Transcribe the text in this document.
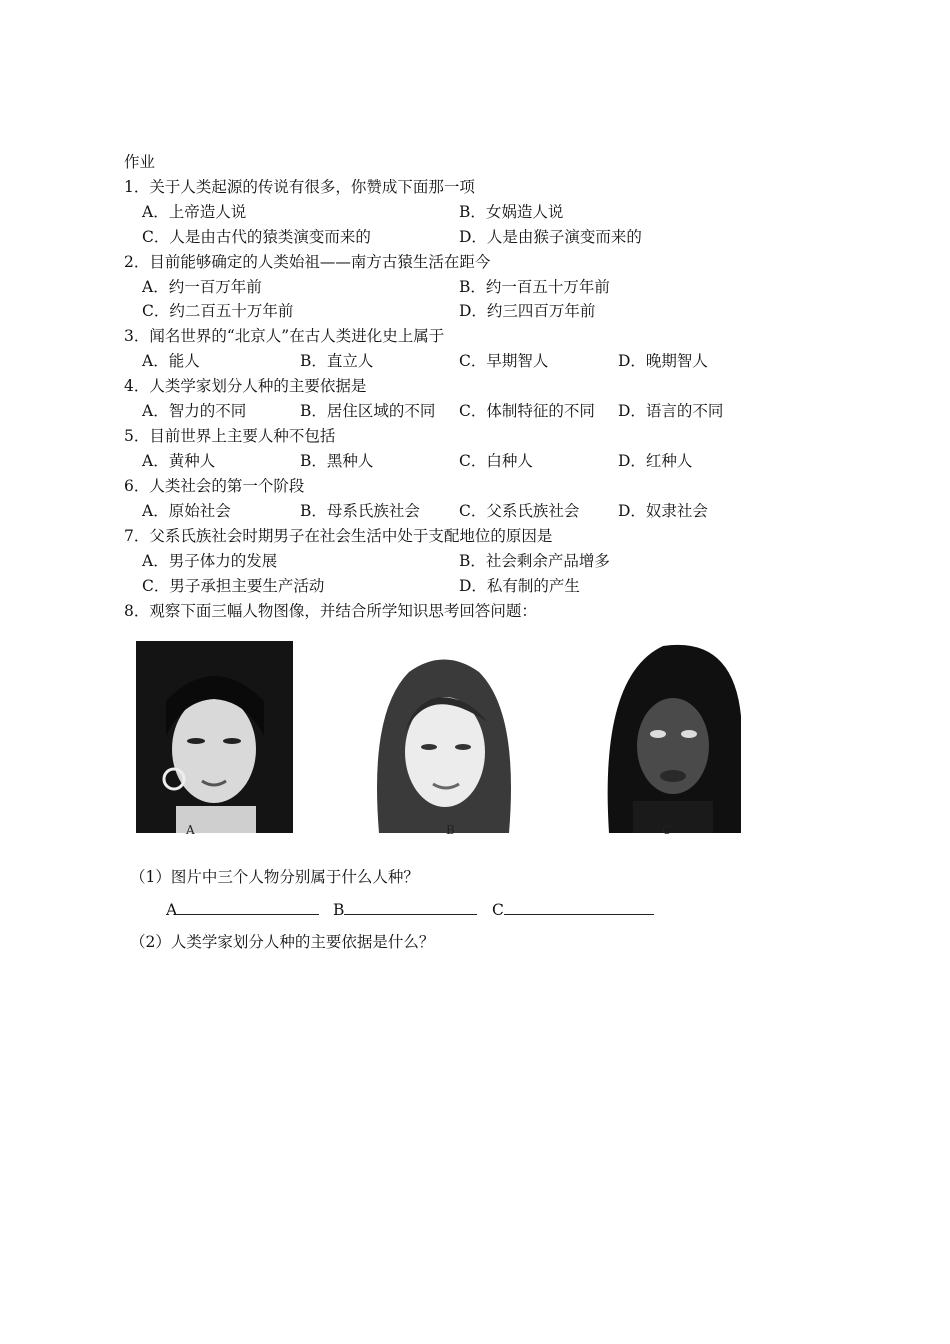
作业
1．关于人类起源的传说有很多，你赞成下面那一项
A．上帝造人说	B．女娲造人说
C．人是由古代的猿类演变而来的	D．人是由猴子演变而来的
2．目前能够确定的人类始祖——南方古猿生活在距今
A．约一百万年前	B．约一百五十万年前
C．约二百五十万年前	D．约三四百万年前
3．闻名世界的“北京人”在古人类进化史上属于
A．能人	B．直立人	C．早期智人	D．晚期智人
4．人类学家划分人种的主要依据是
A．智力的不同	B．居住区域的不同 C．体制特征的不同 D．语言的不同
5．目前世界上主要人种不包括
A．黄种人	B．黑种人	C．白种人	D．红种人
6．人类社会的第一个阶段
A．原始社会	B．母系氏族社会	C．父系氏族社会 D．奴隶社会
7．父系氏族社会时期男子在社会生活中处于支配地位的原因是
A．男子体力的发展	B．社会剩余产品增多
C．男子承担主要生产活动	D．私有制的产生
8．观察下面三幅人物图像，并结合所学知识思考回答问题：
A	B	C
（1）图片中三个人物分别属于什么人种？
A	B	C
（2）人类学家划分人种的主要依据是什么？
